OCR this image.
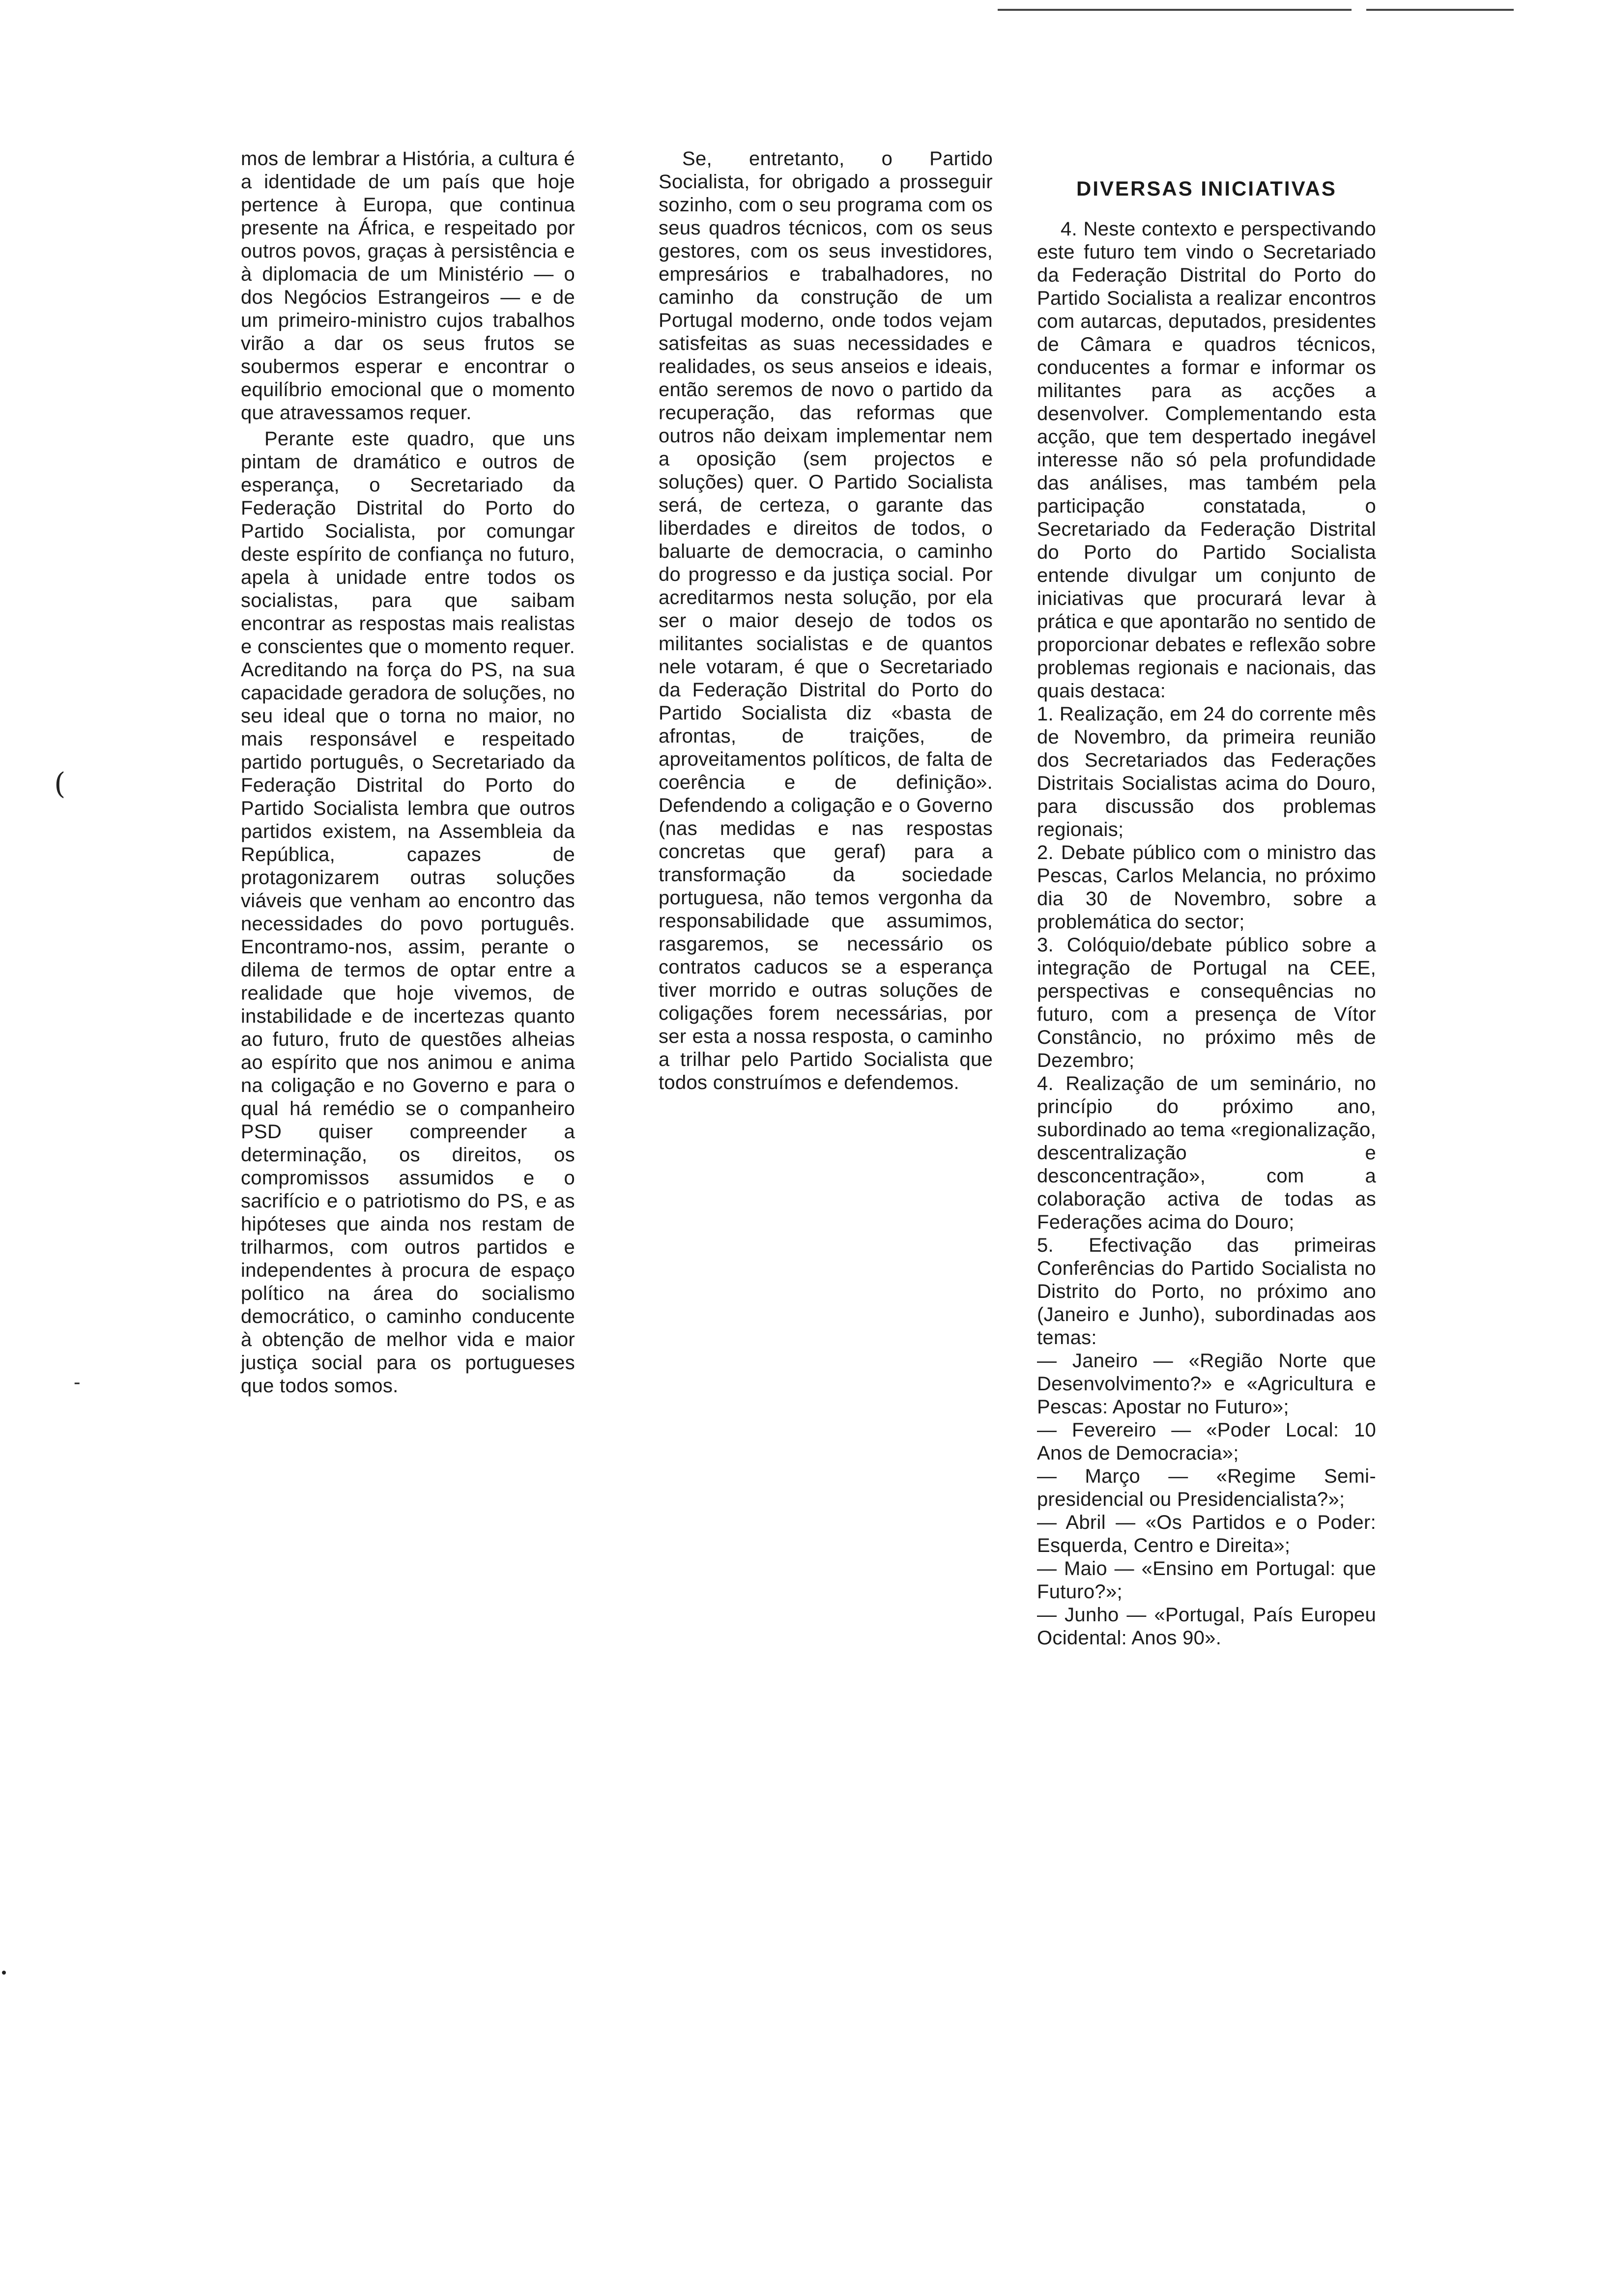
(
-

mos de lembrar a História, a cultura é a identidade de um país que hoje pertence à Europa, que continua presente na África, e respeitado por outros povos, graças à persistência e à diplomacia de um Ministério — o dos Negócios Estrangeiros — e de um primeiro-ministro cujos trabalhos virão a dar os seus frutos se soubermos esperar e encontrar o equilíbrio emocional que o momento que atravessamos requer.

Perante este quadro, que uns pintam de dramático e outros de esperança, o Secretariado da Federação Distrital do Porto do Partido Socialista, por comungar deste espírito de confiança no futuro, apela à unidade entre todos os socialistas, para que saibam encontrar as respostas mais realistas e conscientes que o momento requer. Acreditando na força do PS, na sua capacidade geradora de soluções, no seu ideal que o torna no maior, no mais responsável e respeitado partido português, o Secretariado da Federação Distrital do Porto do Partido Socialista lembra que outros partidos existem, na Assembleia da República, capazes de protagonizarem outras soluções viáveis que venham ao encontro das necessidades do povo português. Encontramo-nos, assim, perante o dilema de termos de optar entre a realidade que hoje vivemos, de instabilidade e de incertezas quanto ao futuro, fruto de questões alheias ao espírito que nos animou e anima na coligação e no Governo e para o qual há remédio se o companheiro PSD quiser compreender a determinação, os direitos, os compromissos assumidos e o sacrifício e o patriotismo do PS, e as hipóteses que ainda nos restam de trilharmos, com outros partidos e independentes à procura de espaço político na área do socialismo democrático, o caminho conducente à obtenção de melhor vida e maior justiça social para os portugueses que todos somos.

Se, entretanto, o Partido Socialista, for obrigado a prosseguir sozinho, com o seu programa com os seus quadros técnicos, com os seus gestores, com os seus investidores, empresários e trabalhadores, no caminho da construção de um Portugal moderno, onde todos vejam satisfeitas as suas necessidades e realidades, os seus anseios e ideais, então seremos de novo o partido da recuperação, das reformas que outros não deixam implementar nem a oposição (sem projectos e soluções) quer. O Partido Socialista será, de certeza, o garante das liberdades e direitos de todos, o baluarte de democracia, o caminho do progresso e da justiça social. Por acreditarmos nesta solução, por ela ser o maior desejo de todos os militantes socialistas e de quantos nele votaram, é que o Secretariado da Federação Distrital do Porto do Partido Socialista diz «basta de afrontas, de traições, de aproveitamentos políticos, de falta de coerência e de definição». Defendendo a coligação e o Governo (nas medidas e nas respostas concretas que geraf) para a transformação da sociedade portuguesa, não temos vergonha da responsabilidade que assumimos, rasgaremos, se necessário os contratos caducos se a esperança tiver morrido e outras soluções de coligações forem necessárias, por ser esta a nossa resposta, o caminho a trilhar pelo Partido Socialista que todos construímos e defendemos.

DIVERSAS INICIATIVAS

4. Neste contexto e perspectivando este futuro tem vindo o Secretariado da Federação Distrital do Porto do Partido Socialista a realizar encontros com autarcas, deputados, presidentes de Câmara e quadros técnicos, conducentes a formar e informar os militantes para as acções a desenvolver. Complementando esta acção, que tem despertado inegável interesse não só pela profundidade das análises, mas também pela participação constatada, o Secretariado da Federação Distrital do Porto do Partido Socialista entende divulgar um conjunto de iniciativas que procurará levar à prática e que apontarão no sentido de proporcionar debates e reflexão sobre problemas regionais e nacionais, das quais destaca:

1. Realização, em 24 do corrente mês de Novembro, da primeira reunião dos Secretariados das Federações Distritais Socialistas acima do Douro, para discussão dos problemas regionais;

2. Debate público com o ministro das Pescas, Carlos Melancia, no próximo dia 30 de Novembro, sobre a problemática do sector;

3. Colóquio/debate público sobre a integração de Portugal na CEE, perspectivas e consequências no futuro, com a presença de Vítor Constâncio, no próximo mês de Dezembro;

4. Realização de um seminário, no princípio do próximo ano, subordinado ao tema «regionalização, descentralização e desconcentração», com a colaboração activa de todas as Federações acima do Douro;

5. Efectivação das primeiras Conferências do Partido Socialista no Distrito do Porto, no próximo ano (Janeiro e Junho), subordinadas aos temas:

— Janeiro — «Região Norte que Desenvolvimento?» e «Agricultura e Pescas: Apostar no Futuro»;

— Fevereiro — «Poder Local: 10 Anos de Democracia»;

— Março — «Regime Semi-presidencial ou Presidencialista?»;

— Abril — «Os Partidos e o Poder: Esquerda, Centro e Direita»;

— Maio — «Ensino em Portugal: que Futuro?»;

— Junho — «Portugal, País Europeu Ocidental: Anos 90».
